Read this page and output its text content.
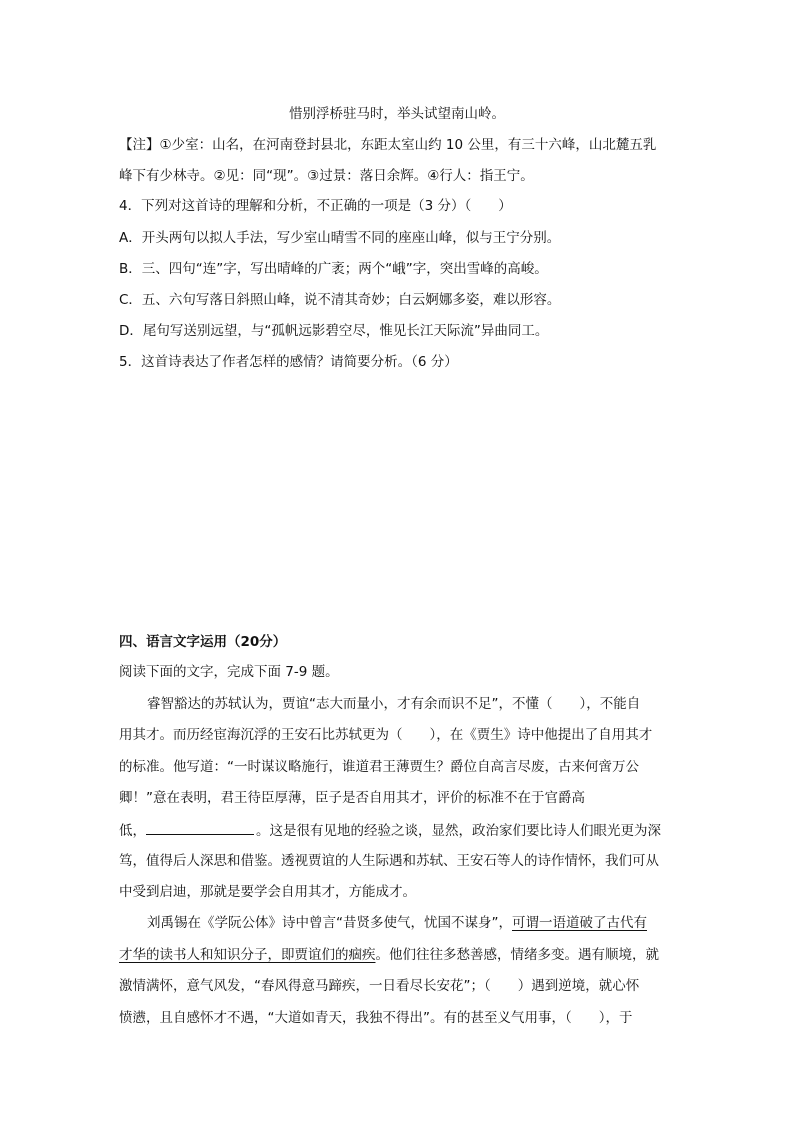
惜别浮桥驻马时，举头试望南山岭。
【注】①少室：山名，在河南登封县北，东距太室山约 10 公里，有三十六峰，山北麓五乳
峰下有少林寺。②见：同“现”。③过景：落日余辉。④行人：指王宁。
4．下列对这首诗的理解和分析，不正确的一项是（3 分）（　　）
A．开头两句以拟人手法，写少室山晴雪不同的座座山峰，似与王宁分别。
B．三、四句“连”字，写出晴峰的广袤；两个“峨”字，突出雪峰的高峻。
C．五、六句写落日斜照山峰，说不清其奇妙；白云婀娜多姿，难以形容。
D．尾句写送别远望，与“孤帆远影碧空尽，惟见长江天际流”异曲同工。
5．这首诗表达了作者怎样的感情？请简要分析。（6 分）
四、语言文字运用（20分）
阅读下面的文字，完成下面 7-9 题。
睿智豁达的苏轼认为，贾谊“志大而量小，才有余而识不足”，不懂（　　），不能自
用其才。而历经宦海沉浮的王安石比苏轼更为（　　），在《贾生》诗中他提出了自用其才
的标准。他写道：“一时谋议略施行，谁道君王薄贾生？爵位自高言尽废，古来何啻万公
卿！”意在表明，君王待臣厚薄，臣子是否自用其才，评价的标准不在于官爵高
低，	。这是很有见地的经验之谈，显然，政治家们要比诗人们眼光更为深
笃，值得后人深思和借鉴。透视贾谊的人生际遇和苏轼、王安石等人的诗作情怀，我们可从
中受到启迪，那就是要学会自用其才，方能成才。
刘禹锡在《学阮公体》诗中曾言“昔贤多使气，忧国不谋身”，可谓一语道破了古代有
才华的读书人和知识分子，即贾谊们的痼疾。他们往往多愁善感，情绪多变。遇有顺境，就
激情满怀，意气风发，“春风得意马蹄疾，一日看尽长安花”；（　　）遇到逆境，就心怀
愤懑，且自感怀才不遇，“大道如青天，我独不得出”。有的甚至义气用事，（　　），于
